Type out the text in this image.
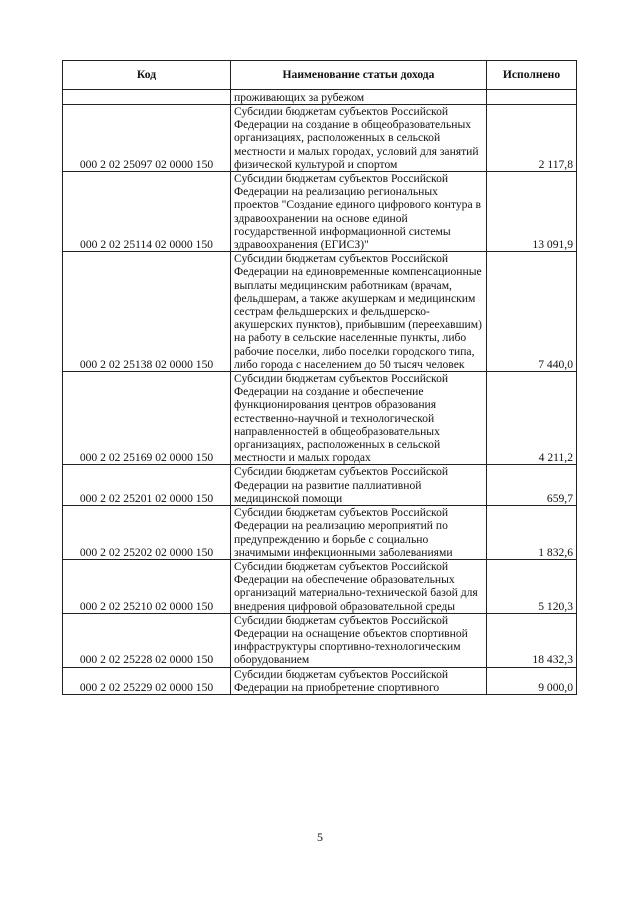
Код	Наименование статьи дохода	Исполнено
	проживающих за рубежом	
000 2 02 25097 02 0000 150	Субсидии бюджетам субъектов Российской Федерации на создание в общеобразовательных организациях, расположенных в сельской местности и малых городах, условий для занятий физической культурой и спортом	2 117,8
000 2 02 25114 02 0000 150	Субсидии бюджетам субъектов Российской Федерации на реализацию региональных проектов "Создание единого цифрового контура в здравоохранении на основе единой государственной информационной системы здравоохранения (ЕГИСЗ)"	13 091,9
000 2 02 25138 02 0000 150	Субсидии бюджетам субъектов Российской Федерации на единовременные компенсационные выплаты медицинским работникам (врачам, фельдшерам, а также акушеркам и медицинским сестрам фельдшерских и фельдшерско-акушерских пунктов), прибывшим (переехавшим) на работу в сельские населенные пункты, либо рабочие поселки, либо поселки городского типа, либо города с населением до 50 тысяч человек	7 440,0
000 2 02 25169 02 0000 150	Субсидии бюджетам субъектов Российской Федерации на создание и обеспечение функционирования центров образования естественно-научной и технологической направленностей в общеобразовательных организациях, расположенных в сельской местности и малых городах	4 211,2
000 2 02 25201 02 0000 150	Субсидии бюджетам субъектов Российской Федерации на развитие паллиативной медицинской помощи	659,7
000 2 02 25202 02 0000 150	Субсидии бюджетам субъектов Российской Федерации на реализацию мероприятий по предупреждению и борьбе с социально значимыми инфекционными заболеваниями	1 832,6
000 2 02 25210 02 0000 150	Субсидии бюджетам субъектов Российской Федерации на обеспечение образовательных организаций материально-технической базой для внедрения цифровой образовательной среды	5 120,3
000 2 02 25228 02 0000 150	Субсидии бюджетам субъектов Российской Федерации на оснащение объектов спортивной инфраструктуры спортивно-технологическим оборудованием	18 432,3
000 2 02 25229 02 0000 150	Субсидии бюджетам субъектов Российской Федерации на приобретение спортивного	9 000,0
5
